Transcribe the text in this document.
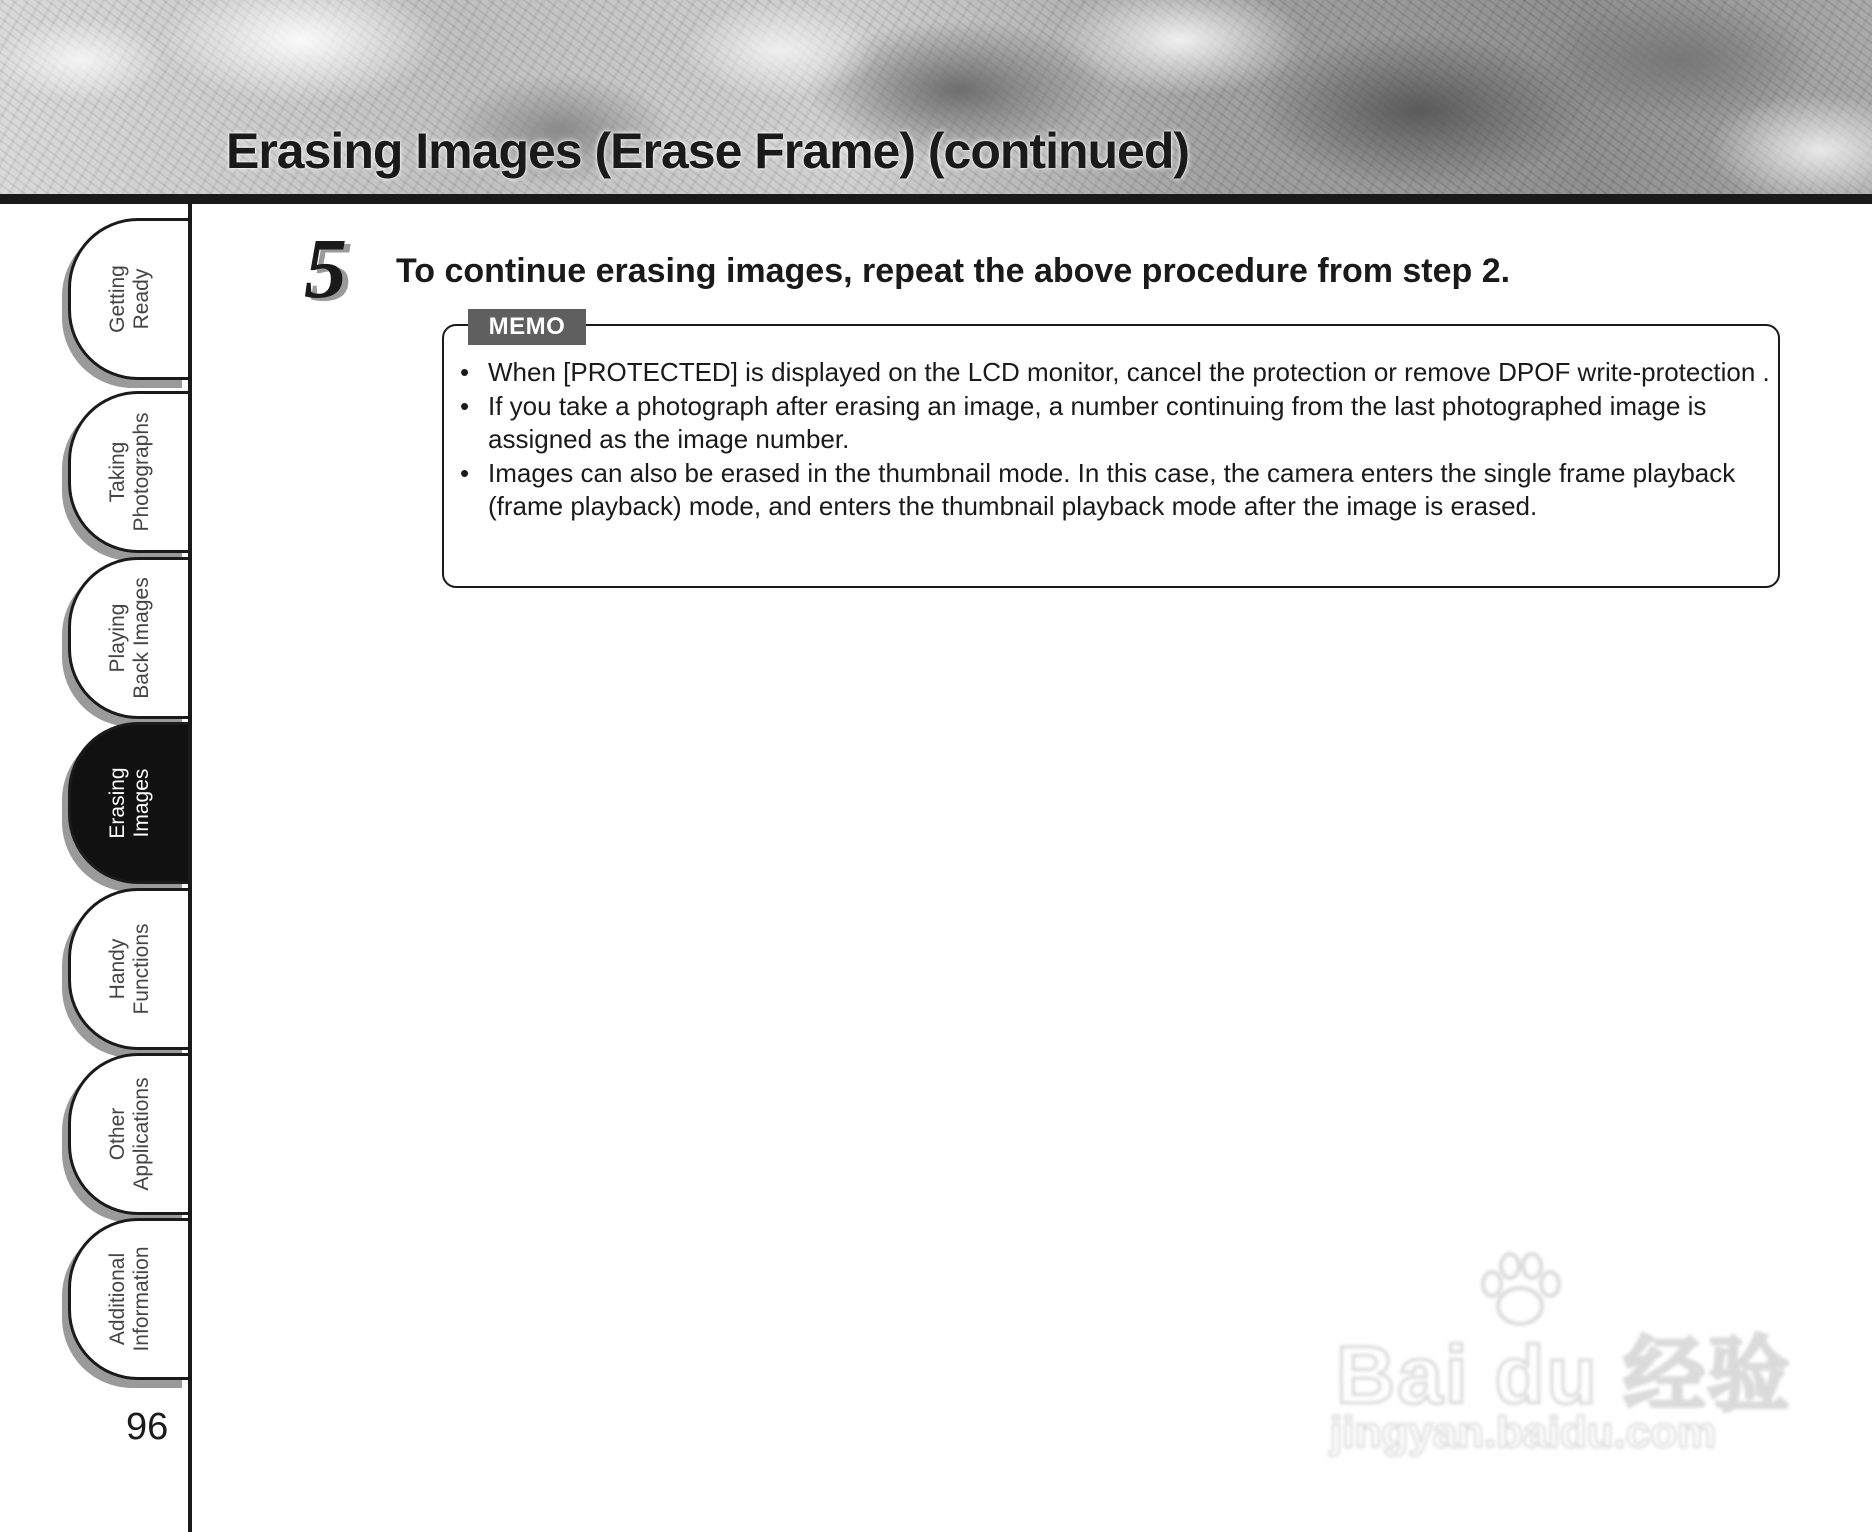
Erasing Images (Erase Frame) (continued)
Getting
Ready
Taking
Photographs
Playing
Back Images
Erasing
Images
Handy
Functions
Other
Applications
Additional
Information
96
5	To continue erasing images, repeat the above procedure from step 2.

MEMO
• When [PROTECTED] is displayed on the LCD monitor, cancel the protection or remove DPOF write-protection .
• If you take a photograph after erasing an image, a number continuing from the last photographed image is assigned as the image number.
• Images can also be erased in the thumbnail mode. In this case, the camera enters the single frame playback (frame playback) mode, and enters the thumbnail playback mode after the image is erased.
Bai du 经验
jingyan.baidu.com
